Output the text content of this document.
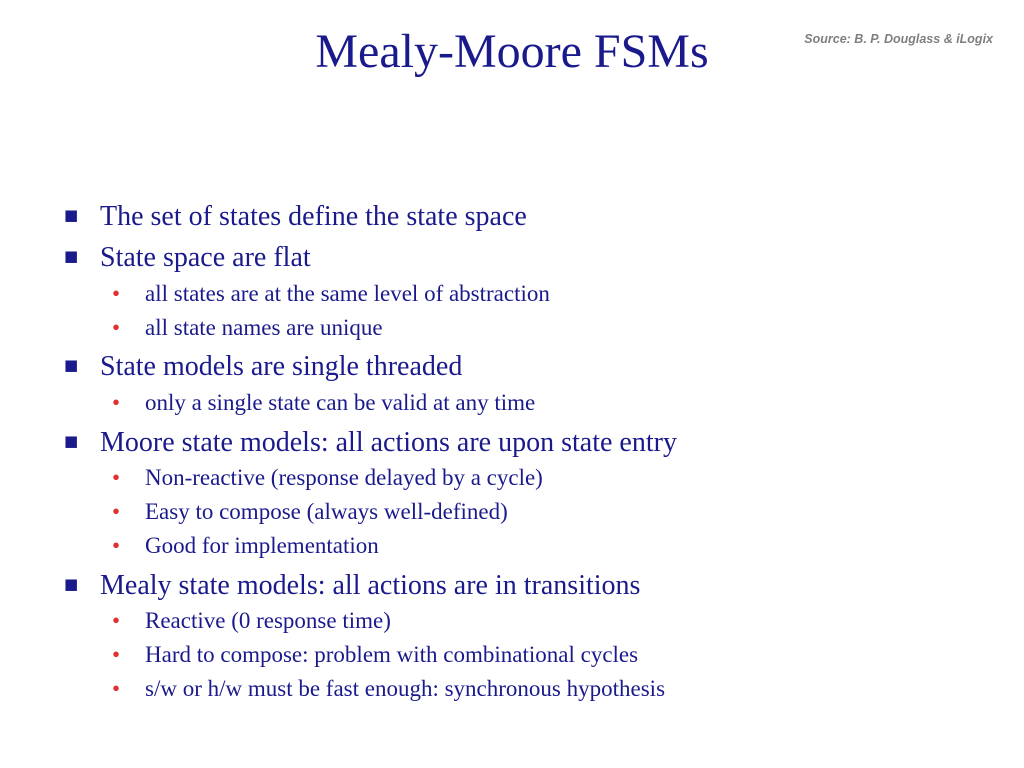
Mealy-Moore FSMs	Source: B. P. Douglass & iLogix
■ The set of states define the state space
■ State space are flat
• all states are at the same level of abstraction
• all state names are unique
■ State models are single threaded
• only a single state can be valid at any time
■ Moore state models: all actions are upon state entry
• Non-reactive (response delayed by a cycle)
• Easy to compose (always well-defined)
• Good for implementation
■ Mealy state models: all actions are in transitions
• Reactive (0 response time)
• Hard to compose: problem with combinational cycles
• s/w or h/w must be fast enough: synchronous hypothesis
